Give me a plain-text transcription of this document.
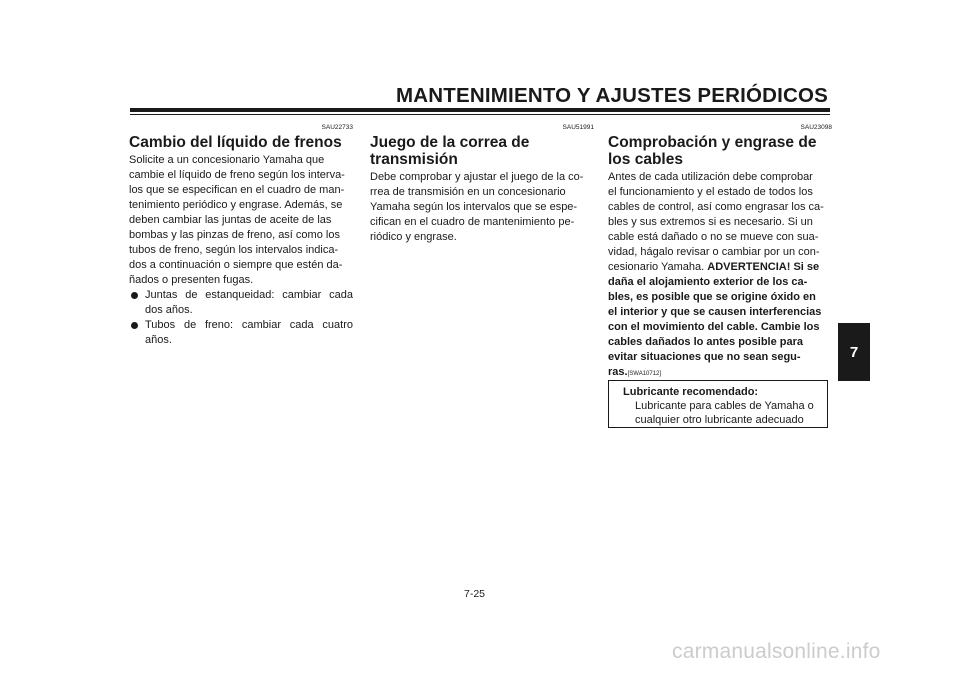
MANTENIMIENTO Y AJUSTES PERIÓDICOS
SAU22733
Cambio del líquido de frenos
Solicite a un concesionario Yamaha que
cambie el líquido de freno según los interva-
los que se especifican en el cuadro de man-
tenimiento periódico y engrase. Además, se
deben cambiar las juntas de aceite de las
bombas y las pinzas de freno, así como los
tubos de freno, según los intervalos indica-
dos a continuación o siempre que estén da-
ñados o presenten fugas.
Juntas de estanqueidad: cambiar cada dos años.
Tubos de freno: cambiar cada cuatro años.
SAU51991
Juego de la correa de transmisión
Debe comprobar y ajustar el juego de la co-
rrea de transmisión en un concesionario
Yamaha según los intervalos que se espe-
cifican en el cuadro de mantenimiento pe-
riódico y engrase.
SAU23098
Comprobación y engrase de los cables
Antes de cada utilización debe comprobar
el funcionamiento y el estado de todos los
cables de control, así como engrasar los ca-
bles y sus extremos si es necesario. Si un
cable está dañado o no se mueve con sua-
vidad, hágalo revisar o cambiar por un con-
cesionario Yamaha. ADVERTENCIA! Si se
daña el alojamiento exterior de los ca-
bles, es posible que se origine óxido en
el interior y que se causen interferencias
con el movimiento del cable. Cambie los
cables dañados lo antes posible para
evitar situaciones que no sean segu-
ras.[SWA10712]
Lubricante recomendado:
Lubricante para cables de Yamaha o
cualquier otro lubricante adecuado
7
7-25
carmanualsonline.info
